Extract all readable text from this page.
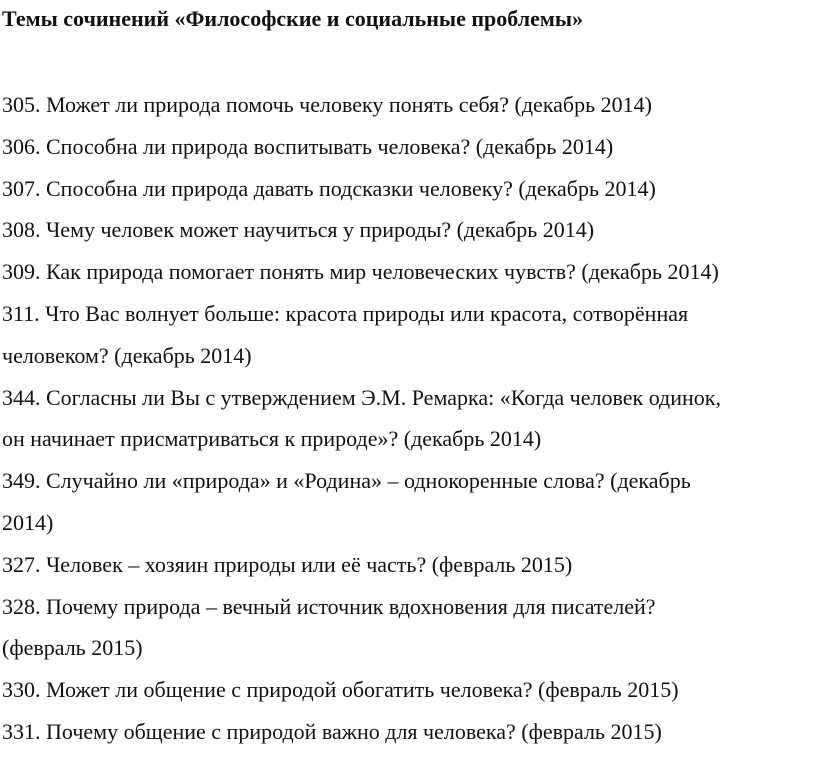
Темы сочинений «Философские и социальные проблемы»
305. Может ли природа помочь человеку понять себя? (декабрь 2014)
306. Способна ли природа воспитывать человека? (декабрь 2014)
307. Способна ли природа давать подсказки человеку? (декабрь 2014)
308. Чему человек может научиться у природы? (декабрь 2014)
309. Как природа помогает понять мир человеческих чувств? (декабрь 2014)
311. Что Вас волнует больше: красота природы или красота, сотворённая
человеком? (декабрь 2014)
344. Согласны ли Вы с утверждением Э.М. Ремарка: «Когда человек одинок,
он начинает присматриваться к природе»? (декабрь 2014)
349. Случайно ли «природа» и «Родина» – однокоренные слова? (декабрь
2014)
327. Человек – хозяин природы или её часть? (февраль 2015)
328. Почему природа – вечный источник вдохновения для писателей?
(февраль 2015)
330. Может ли общение с природой обогатить человека? (февраль 2015)
331. Почему общение с природой важно для человека? (февраль 2015)
